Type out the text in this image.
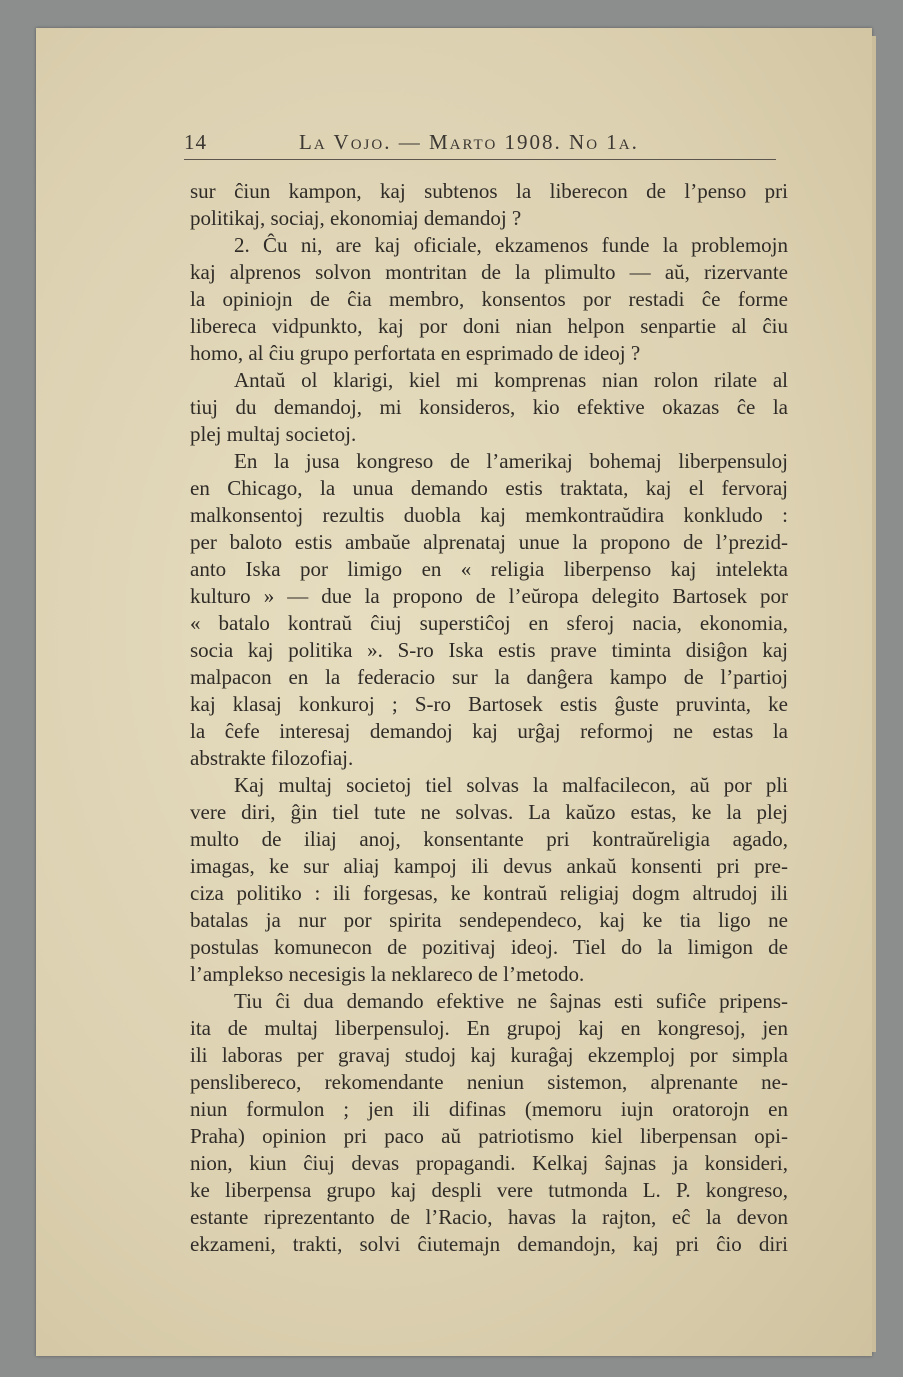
14	La Vojo. — Marto 1908. No 1a.
sur ĉiun kampon, kaj subtenos la liberecon de l’penso pri
politikaj, sociaj, ekonomiaj demandoj ?
2. Ĉu ni, are kaj oficiale, ekzamenos funde la problemojn
kaj alprenos solvon montritan de la plimulto — aŭ, rizervante
la opiniojn de ĉia membro, konsentos por restadi ĉe forme
libereca vidpunkto, kaj por doni nian helpon senpartie al ĉiu
homo, al ĉiu grupo perfortata en esprimado de ideoj ?
Antaŭ ol klarigi, kiel mi komprenas nian rolon rilate al
tiuj du demandoj, mi konsideros, kio efektive okazas ĉe la
plej multaj societoj.
En la jusa kongreso de l’amerikaj bohemaj liberpensuloj
en Chicago, la unua demando estis traktata, kaj el fervoraj
malkonsentoj rezultis duobla kaj memkontraŭdira konkludo :
per baloto estis ambaŭe alprenataj unue la propono de l’prezid-
anto Iska por limigo en « religia liberpenso kaj intelekta
kulturo » — due la propono de l’eŭropa delegito Bartosek por
« batalo kontraŭ ĉiuj superstiĉoj en sferoj nacia, ekonomia,
socia kaj politika ». S-ro Iska estis prave timinta disiĝon kaj
malpacon en la federacio sur la danĝera kampo de l’partioj
kaj klasaj konkuroj ; S-ro Bartosek estis ĝuste pruvinta, ke
la ĉefe interesaj demandoj kaj urĝaj reformoj ne estas la
abstrakte filozofiaj.
Kaj multaj societoj tiel solvas la malfacilecon, aŭ por pli
vere diri, ĝin tiel tute ne solvas. La kaŭzo estas, ke la plej
multo de iliaj anoj, konsentante pri kontraŭreligia agado,
imagas, ke sur aliaj kampoj ili devus ankaŭ konsenti pri pre-
ciza politiko : ili forgesas, ke kontraŭ religiaj dogm altrudoj ili
batalas ja nur por spirita sendependeco, kaj ke tia ligo ne
postulas komunecon de pozitivaj ideoj. Tiel do la limigon de
l’amplekso necesigis la neklareco de l’metodo.
Tiu ĉi dua demando efektive ne ŝajnas esti sufiĉe pripens-
ita de multaj liberpensuloj. En grupoj kaj en kongresoj, jen
ili laboras per gravaj studoj kaj kuraĝaj ekzemploj por simpla
penslibereco, rekomendante neniun sistemon, alprenante ne-
niun formulon ; jen ili difinas (memoru iujn oratorojn en
Praha) opinion pri paco aŭ patriotismo kiel liberpensan opi-
nion, kiun ĉiuj devas propagandi. Kelkaj ŝajnas ja konsideri,
ke liberpensa grupo kaj despli vere tutmonda L. P. kongreso,
estante riprezentanto de l’Racio, havas la rajton, eĉ la devon
ekzameni, trakti, solvi ĉiutemajn demandojn, kaj pri ĉio diri
